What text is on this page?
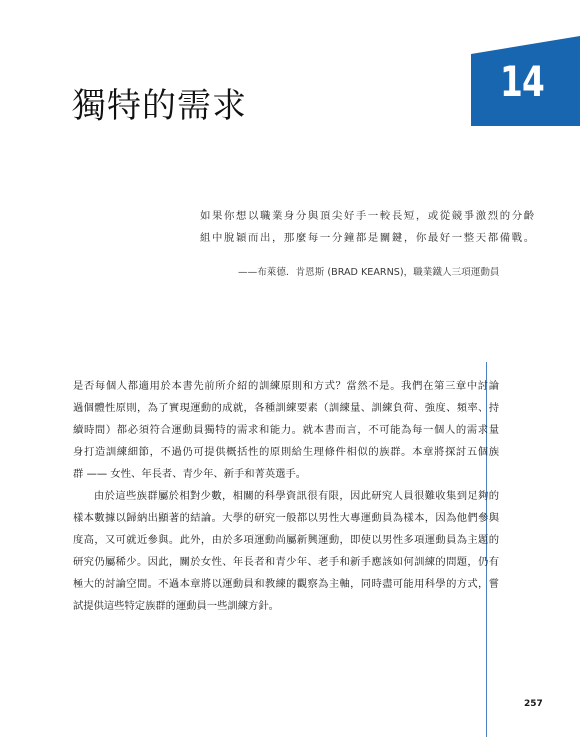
14
獨特的需求
如果你想以職業身分與頂尖好手一較長短，或從競爭激烈的分齡
組中脫穎而出，那麼每一分鐘都是關鍵，你最好一整天都備戰。
——布萊德．肯恩斯 (BRAD KEARNS)，職業鐵人三項運動員
是否每個人都適用於本書先前所介紹的訓練原則和方式？當然不是。我們在第三章中討論
過個體性原則，為了實現運動的成就，各種訓練要素（訓練量、訓練負荷、強度、頻率、持
續時間）都必須符合運動員獨特的需求和能力。就本書而言，不可能為每一個人的需求量
身打造訓練細節，不過仍可提供概括性的原則給生理條件相似的族群。本章將探討五個族
群 —— 女性、年長者、青少年、新手和菁英選手。
由於這些族群屬於相對少數，相關的科學資訊很有限，因此研究人員很難收集到足夠的
樣本數據以歸納出顯著的結論。大學的研究一般都以男性大專運動員為樣本，因為他們參與
度高，又可就近參與。此外，由於多項運動尚屬新興運動，即使以男性多項運動員為主題的
研究仍屬稀少。因此，關於女性、年長者和青少年、老手和新手應該如何訓練的問題，仍有
極大的討論空間。不過本章將以運動員和教練的觀察為主軸，同時盡可能用科學的方式，嘗
試提供這些特定族群的運動員一些訓練方針。
257
